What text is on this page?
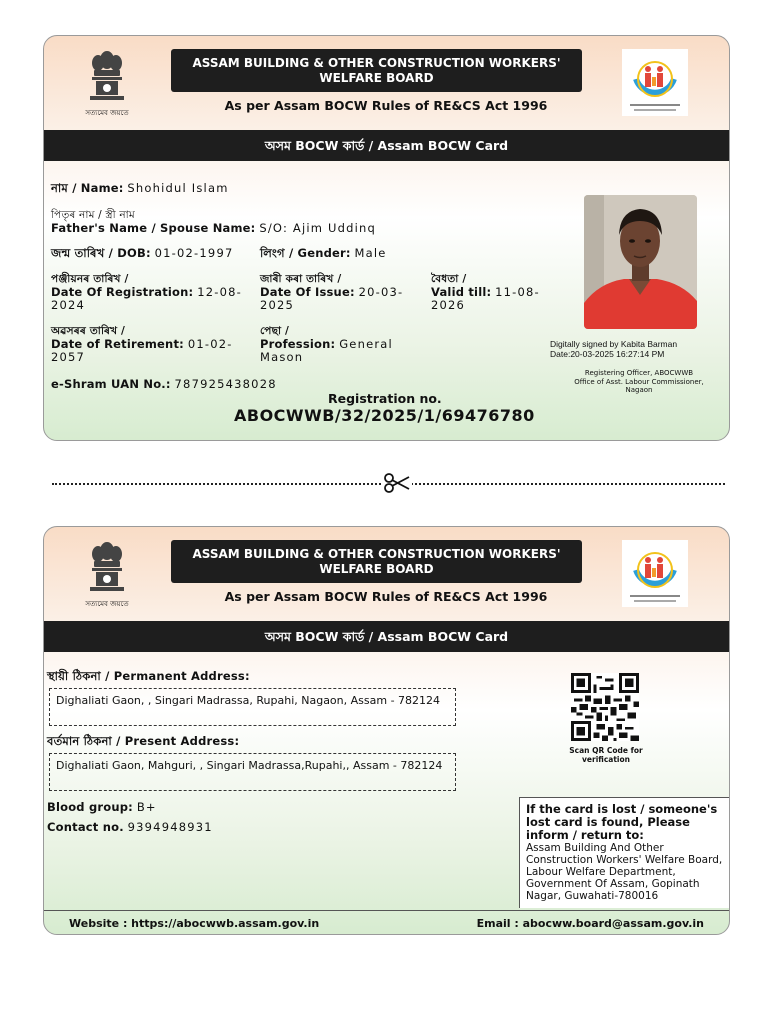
সত্যমেব জয়তে
ASSAM BUILDING & OTHER CONSTRUCTION WORKERS' WELFARE BOARD
As per Assam BOCW Rules of RE&CS Act 1996
অসম BOCW কাৰ্ড / Assam BOCW Card
নাম / Name: Shohidul Islam
পিতৃৰ নাম / স্ত্ৰী নাম
Father's Name / Spouse Name: S/O: Ajim Uddinq
জন্ম তাৰিখ / DOB: 01-02-1997 লিংগ / Gender: Male
পঞ্জীয়নৰ তাৰিখ /
Date Of Registration: 12-08-2024
জাৰী কৰা তাৰিখ /
Date Of Issue: 20-03-2025
বৈধতা /
Valid till: 11-08-2026
অৱসৰৰ তাৰিখ /
Date of Retirement: 01-02-2057
পেছা /
Profession: General Mason
e-Shram UAN No.: 787925438028
Digitally signed by Kabita Barman
Date:20-03-2025 16:27:14 PM
Registering Officer, ABOCWWB
Office of Asst. Labour Commissioner,
Nagaon
Registration no.
ABOCWWB/32/2025/1/69476780
সত্যমেব জয়তে
ASSAM BUILDING & OTHER CONSTRUCTION WORKERS' WELFARE BOARD
As per Assam BOCW Rules of RE&CS Act 1996
অসম BOCW কাৰ্ড / Assam BOCW Card
স্থায়ী ঠিকনা / Permanent Address:
Dighaliati Gaon, , Singari Madrassa, Rupahi, Nagaon, Assam - 782124
বৰ্তমান ঠিকনা / Present Address:
Dighaliati Gaon, Mahguri, , Singari Madrassa,Rupahi,, Assam - 782124
Blood group: B+
Contact no. 9394948931
Scan QR Code for verification
If the card is lost / someone's lost card is found, Please inform / return to:
Assam Building And Other Construction Workers' Welfare Board, Labour Welfare Department, Government Of Assam, Gopinath Nagar, Guwahati-780016
Website : https://abocwwb.assam.gov.in	Email : abocww.board@assam.gov.in
